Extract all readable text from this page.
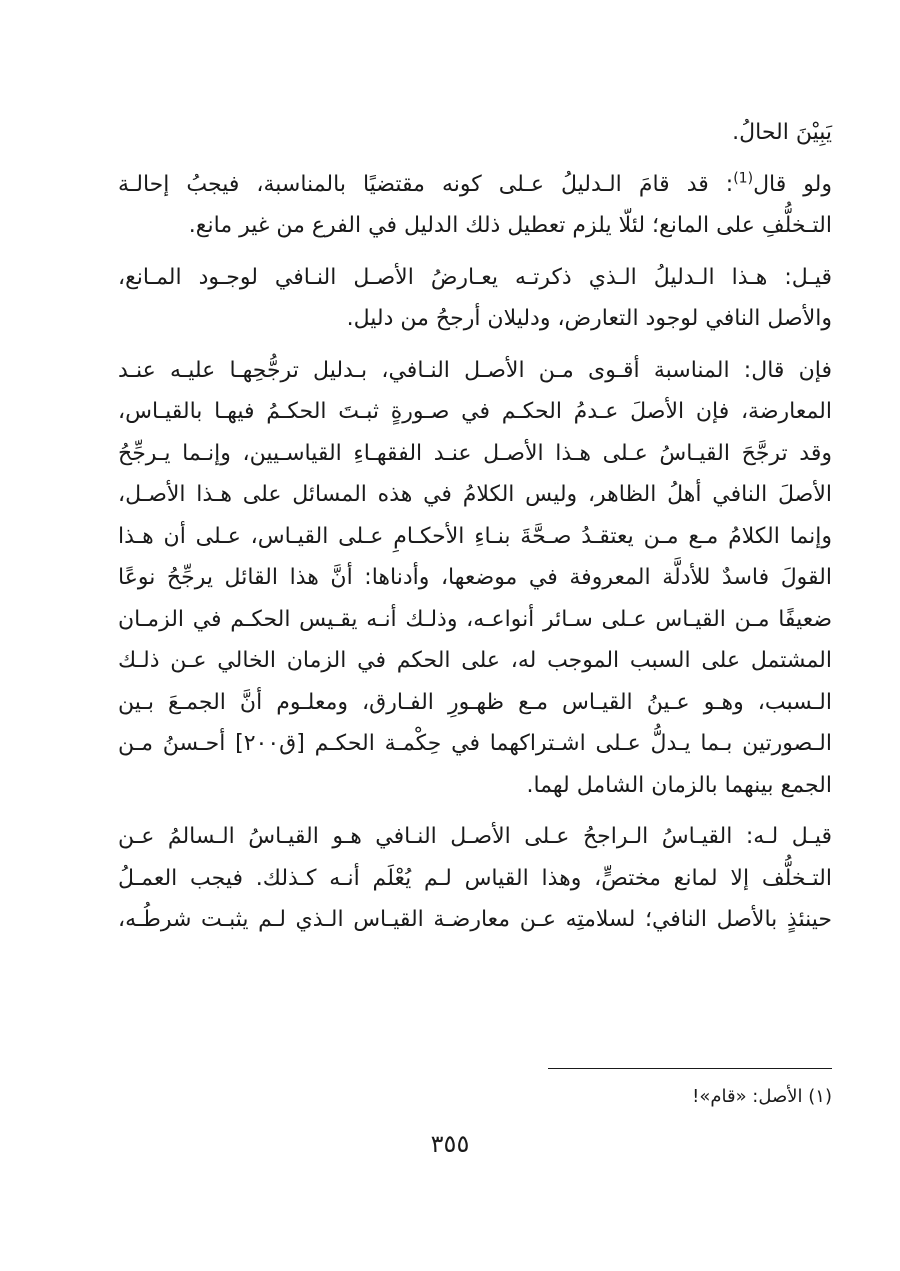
يَبِيْنَ الحالُ.

ولو قال$^{(1)}$: قد قامَ الـدليلُ عـلى كونه مقتضيًا بالمناسبة، فيجبُ إحالـة
التـخلُّفِ على المانع؛ لئلّا يلزم تعطيل ذلك الدليل في الفرع من غير مانع.

قيـل: هـذا الـدليلُ الـذي ذكرتـه يعـارضُ الأصـل النـافي لوجـود المـانع،
والأصل النافي لوجود التعارض، ودليلان أرجحُ من دليل.

فإن قال: المناسبة أقـوى مـن الأصـل النـافي، بـدليل ترجُّحِهـا عليـه عنـد
المعارضة، فإن الأصلَ عـدمُ الحكـم في صـورةٍ ثبـتَ الحكـمُ فيهـا بالقيـاس،
وقد ترجَّحَ القيـاسُ عـلى هـذا الأصـل عنـد الفقهـاءِ القياسـيين، وإنـما يـرجِّحُ
الأصلَ النافي أهلُ الظاهر، وليس الكلامُ في هذه المسائل على هـذا الأصـل،
وإنما الكلامُ مـع مـن يعتقـدُ صـحَّةَ بنـاءِ الأحكـامِ عـلى القيـاس، عـلى أن هـذا
القولَ فاسدٌ للأدلَّة المعروفة في موضعها، وأدناها: أنَّ هذا القائل يرجِّحُ نوعًا
ضعيفًا مـن القيـاس عـلى سـائر أنواعـه، وذلـك أنـه يقـيس الحكـم في الزمـان
المشتمل على السبب الموجب له، على الحكم في الزمان الخالي عـن ذلـك
الـسبب، وهـو عـينُ القيـاس مـع ظهـورِ الفـارق، ومعلـوم أنَّ الجمـعَ بـين
الـصورتين بـما يـدلُّ عـلى اشـتراكهما في حِكْمـة الحكـم [ق٢٠٠] أحـسنُ مـن
الجمع بينهما بالزمان الشامل لهما.

قيـل لـه: القيـاسُ الـراجحُ عـلى الأصـل النـافي هـو القيـاسُ الـسالمُ عـن
التـخلُّف إلا لمانع مختصٍّ، وهذا القياس لـم يُعْلَم أنـه كـذلك. فيجب العمـلُ
حينئذٍ بالأصل النافي؛ لسلامتِه عـن معارضـة القيـاس الـذي لـم يثبـت شرطُـه،

(١) الأصل: «قام»!
٣٥٥
